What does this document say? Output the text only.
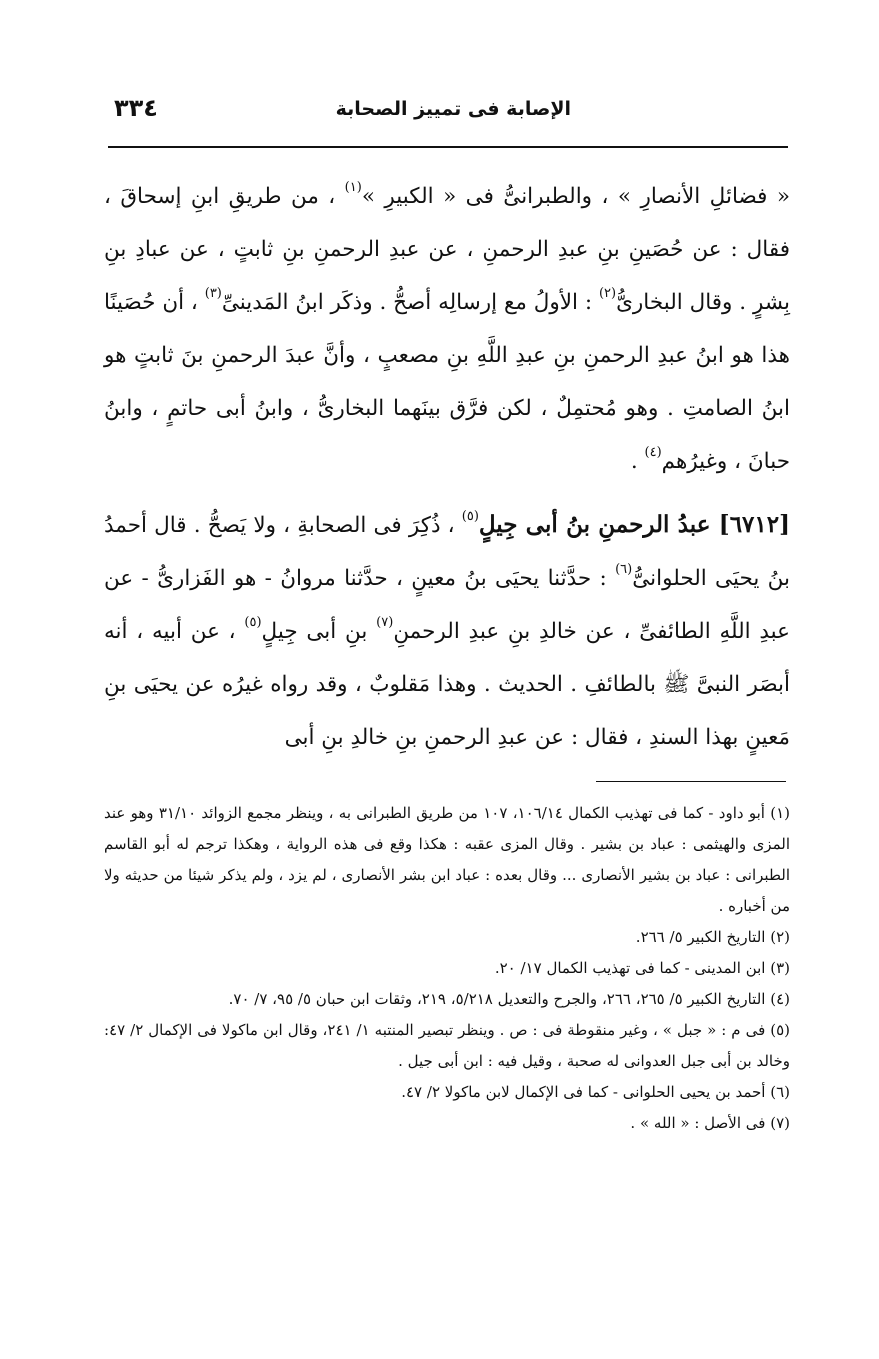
الإصابة فى تمييز الصحابة
٣٣٤

« فضائلِ الأنصارِ » ، والطبرانىُّ فى « الكبيرِ »$^{(١)}$ ، من طريقِ ابنِ إسحاقَ ، فقال : عن حُصَينِ بنِ عبدِ الرحمنِ ، عن عبدِ الرحمنِ بنِ ثابتٍ ، عن عبادِ بنِ بِشرٍ . وقال البخارىُّ$^{(٢)}$ : الأولُ مع إرسالِه أصحُّ . وذكَر ابنُ المَدينىِّ$^{(٣)}$ ، أن حُصَينًا هذا هو ابنُ عبدِ الرحمنِ بنِ عبدِ اللَّهِ بنِ مصعبٍ ، وأنَّ عبدَ الرحمنِ بنَ ثابتٍ هو ابنُ الصامتِ . وهو مُحتمِلٌ ، لكن فرَّق بينَهما البخارىُّ ، وابنُ أبى حاتمٍ ، وابنُ حبانَ ، وغيرُهم$^{(٤)}$ .

[٦٧١٢] عبدُ الرحمنِ بنُ أبى جِيلٍ$^{(٥)}$ ، ذُكِرَ فى الصحابةِ ، ولا يَصحُّ . قال أحمدُ بنُ يحيَى الحلوانىُّ$^{(٦)}$ : حدَّثنا يحيَى بنُ معينٍ ، حدَّثنا مروانُ - هو الفَزارىُّ - عن عبدِ اللَّهِ الطائفىِّ ، عن خالدِ بنِ عبدِ الرحمنِ$^{(٧)}$ بنِ أبى جِيلٍ$^{(٥)}$ ، عن أبيه ، أنه أبصَر النبىَّ ﷺ بالطائفِ . الحديث . وهذا مَقلوبٌ ، وقد رواه غيرُه عن يحيَى بنِ مَعينٍ بهذا السندِ ، فقال : عن عبدِ الرحمنِ بنِ خالدِ بنِ أبى

(١) أبو داود - كما فى تهذيب الكمال ١٠٦/١٤، ١٠٧ من طريق الطبرانى به ، وينظر مجمع الزوائد ٣١/١٠ وهو عند المزى والهيثمى : عباد بن بشير . وقال المزى عقبه : هكذا وقع فى هذه الرواية ، وهكذا ترجم له أبو القاسم الطبرانى : عباد بن بشير الأنصارى ... وقال بعده : عباد ابن بشر الأنصارى ، لم يزد ، ولم يذكر شيئا من حديثه ولا من أخباره .

(٢) التاريخ الكبير ٥/ ٢٦٦.

(٣) ابن المدينى - كما فى تهذيب الكمال ١٧/ ٢٠.

(٤) التاريخ الكبير ٥/ ٢٦٥، ٢٦٦، والجرح والتعديل ٥/٢١٨، ٢١٩، وثقات ابن حبان ٥/ ٩٥، ٧/ ٧٠.

(٥) فى م : « جبل » ، وغير منقوطة فى : ص . وينظر تبصير المنتبه ١/ ٢٤١، وقال ابن ماكولا فى الإكمال ٢/ ٤٧: وخالد بن أبى جبل العدوانى له صحبة ، وقيل فيه : ابن أبى جيل .

(٦) أحمد بن يحيى الحلوانى - كما فى الإكمال لابن ماكولا ٢/ ٤٧.

(٧) فى الأصل : « الله » .
